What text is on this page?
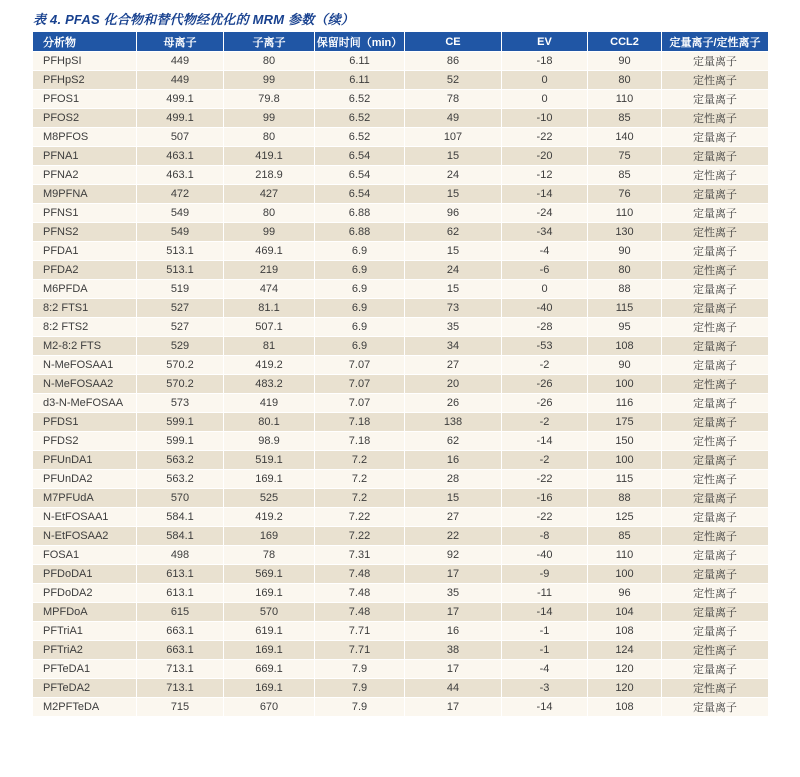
表 4. PFAS 化合物和替代物经优化的 MRM 参数（续）
分析物	母离子	子离子	保留时间（min）	CE	EV	CCL2	定量离子/定性离子
PFHpSI	449	80	6.11	86	-18	90	定量离子
PFHpS2	449	99	6.11	52	0	80	定性离子
PFOS1	499.1	79.8	6.52	78	0	110	定量离子
PFOS2	499.1	99	6.52	49	-10	85	定性离子
M8PFOS	507	80	6.52	107	-22	140	定量离子
PFNA1	463.1	419.1	6.54	15	-20	75	定量离子
PFNA2	463.1	218.9	6.54	24	-12	85	定性离子
M9PFNA	472	427	6.54	15	-14	76	定量离子
PFNS1	549	80	6.88	96	-24	110	定量离子
PFNS2	549	99	6.88	62	-34	130	定性离子
PFDA1	513.1	469.1	6.9	15	-4	90	定量离子
PFDA2	513.1	219	6.9	24	-6	80	定性离子
M6PFDA	519	474	6.9	15	0	88	定量离子
8:2 FTS1	527	81.1	6.9	73	-40	115	定量离子
8:2 FTS2	527	507.1	6.9	35	-28	95	定性离子
M2-8:2 FTS	529	81	6.9	34	-53	108	定量离子
N-MeFOSAA1	570.2	419.2	7.07	27	-2	90	定量离子
N-MeFOSAA2	570.2	483.2	7.07	20	-26	100	定性离子
d3-N-MeFOSAA	573	419	7.07	26	-26	116	定量离子
PFDS1	599.1	80.1	7.18	138	-2	175	定量离子
PFDS2	599.1	98.9	7.18	62	-14	150	定性离子
PFUnDA1	563.2	519.1	7.2	16	-2	100	定量离子
PFUnDA2	563.2	169.1	7.2	28	-22	115	定性离子
M7PFUdA	570	525	7.2	15	-16	88	定量离子
N-EtFOSAA1	584.1	419.2	7.22	27	-22	125	定量离子
N-EtFOSAA2	584.1	169	7.22	22	-8	85	定性离子
FOSA1	498	78	7.31	92	-40	110	定量离子
PFDoDA1	613.1	569.1	7.48	17	-9	100	定量离子
PFDoDA2	613.1	169.1	7.48	35	-11	96	定性离子
MPFDoA	615	570	7.48	17	-14	104	定量离子
PFTriA1	663.1	619.1	7.71	16	-1	108	定量离子
PFTriA2	663.1	169.1	7.71	38	-1	124	定性离子
PFTeDA1	713.1	669.1	7.9	17	-4	120	定量离子
PFTeDA2	713.1	169.1	7.9	44	-3	120	定性离子
M2PFTeDA	715	670	7.9	17	-14	108	定量离子
